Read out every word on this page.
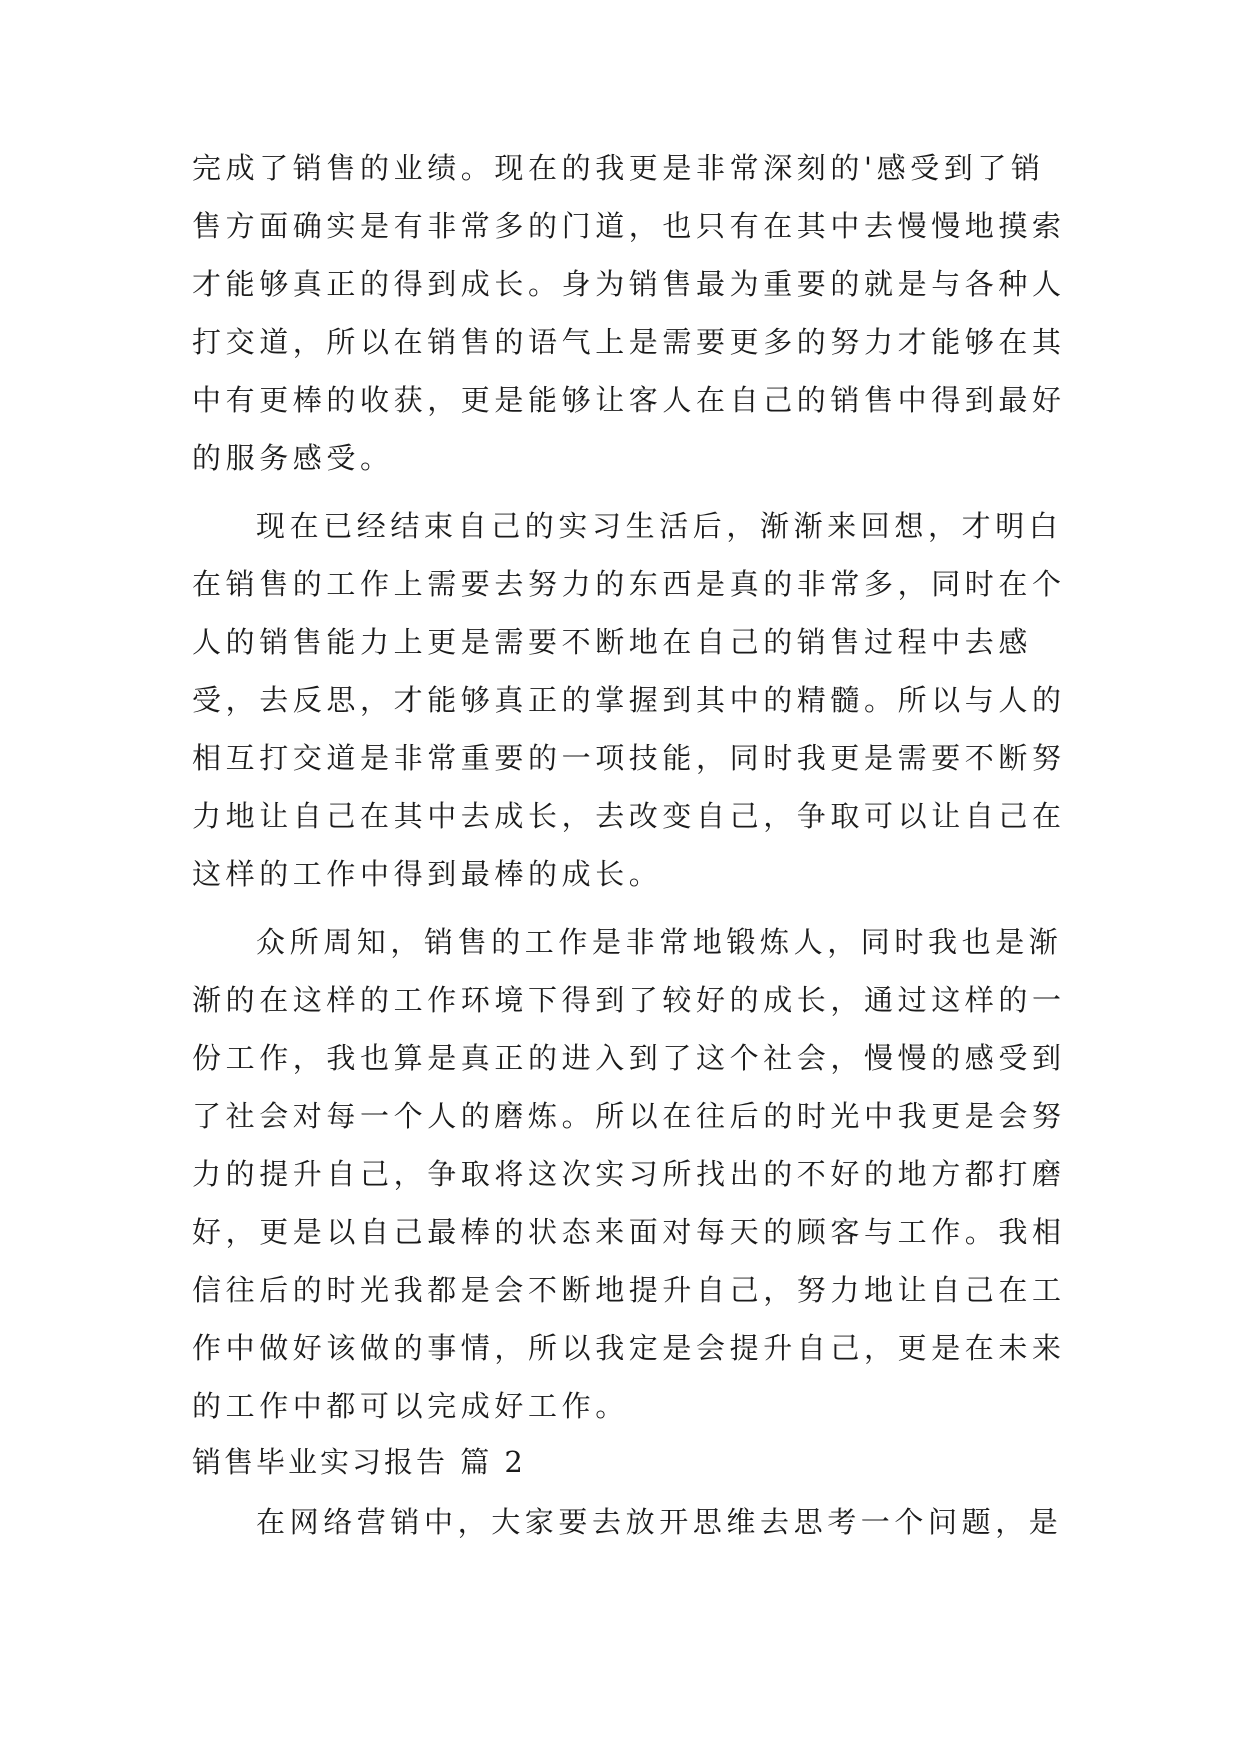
完成了销售的业绩。现在的我更是非常深刻的'感受到了销
售方面确实是有非常多的门道，也只有在其中去慢慢地摸索
才能够真正的得到成长。身为销售最为重要的就是与各种人
打交道，所以在销售的语气上是需要更多的努力才能够在其
中有更棒的收获，更是能够让客人在自己的销售中得到最好
的服务感受。
现在已经结束自己的实习生活后，渐渐来回想，才明白
在销售的工作上需要去努力的东西是真的非常多，同时在个
人的销售能力上更是需要不断地在自己的销售过程中去感
受，去反思，才能够真正的掌握到其中的精髓。所以与人的
相互打交道是非常重要的一项技能，同时我更是需要不断努
力地让自己在其中去成长，去改变自己，争取可以让自己在
这样的工作中得到最棒的成长。
众所周知，销售的工作是非常地锻炼人，同时我也是渐
渐的在这样的工作环境下得到了较好的成长，通过这样的一
份工作，我也算是真正的进入到了这个社会，慢慢的感受到
了社会对每一个人的磨炼。所以在往后的时光中我更是会努
力的提升自己，争取将这次实习所找出的不好的地方都打磨
好，更是以自己最棒的状态来面对每天的顾客与工作。我相
信往后的时光我都是会不断地提升自己，努力地让自己在工
作中做好该做的事情，所以我定是会提升自己，更是在未来
的工作中都可以完成好工作。
销售毕业实习报告 篇 2
在网络营销中，大家要去放开思维去思考一个问题，是
